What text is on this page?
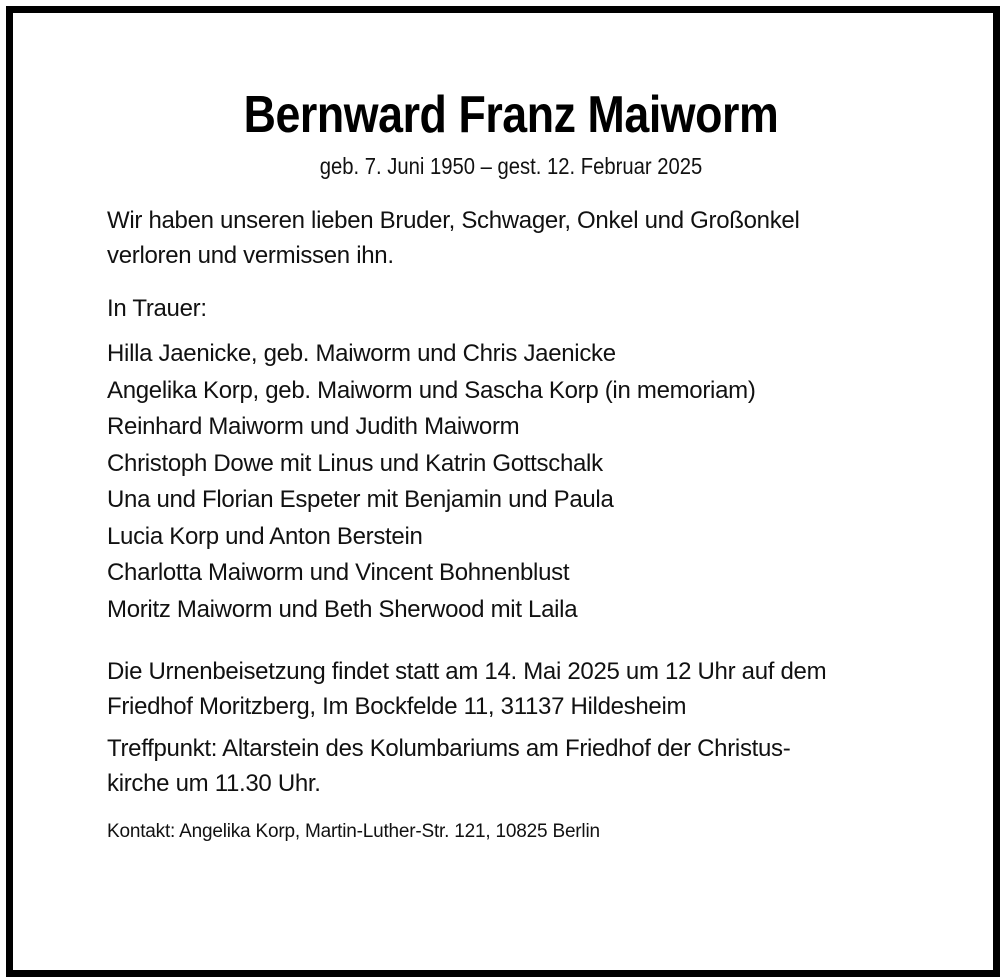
Bernward Franz Maiworm
geb. 7. Juni 1950 – gest. 12. Februar 2025
Wir haben unseren lieben Bruder, Schwager, Onkel und Großonkel
verloren und vermissen ihn.
In Trauer:
Hilla Jaenicke, geb. Maiworm und Chris Jaenicke
Angelika Korp, geb. Maiworm und Sascha Korp (in memoriam)
Reinhard Maiworm und Judith Maiworm
Christoph Dowe mit Linus und Katrin Gottschalk
Una und Florian Espeter mit Benjamin und Paula
Lucia Korp und Anton Berstein
Charlotta Maiworm und Vincent Bohnenblust
Moritz Maiworm und Beth Sherwood mit Laila
Die Urnenbeisetzung findet statt am 14. Mai 2025 um 12 Uhr auf dem
Friedhof Moritzberg, Im Bockfelde 11, 31137 Hildesheim
Treffpunkt: Altarstein des Kolumbariums am Friedhof der Christus-
kirche um 11.30 Uhr.
Kontakt: Angelika Korp, Martin-Luther-Str. 121, 10825 Berlin
